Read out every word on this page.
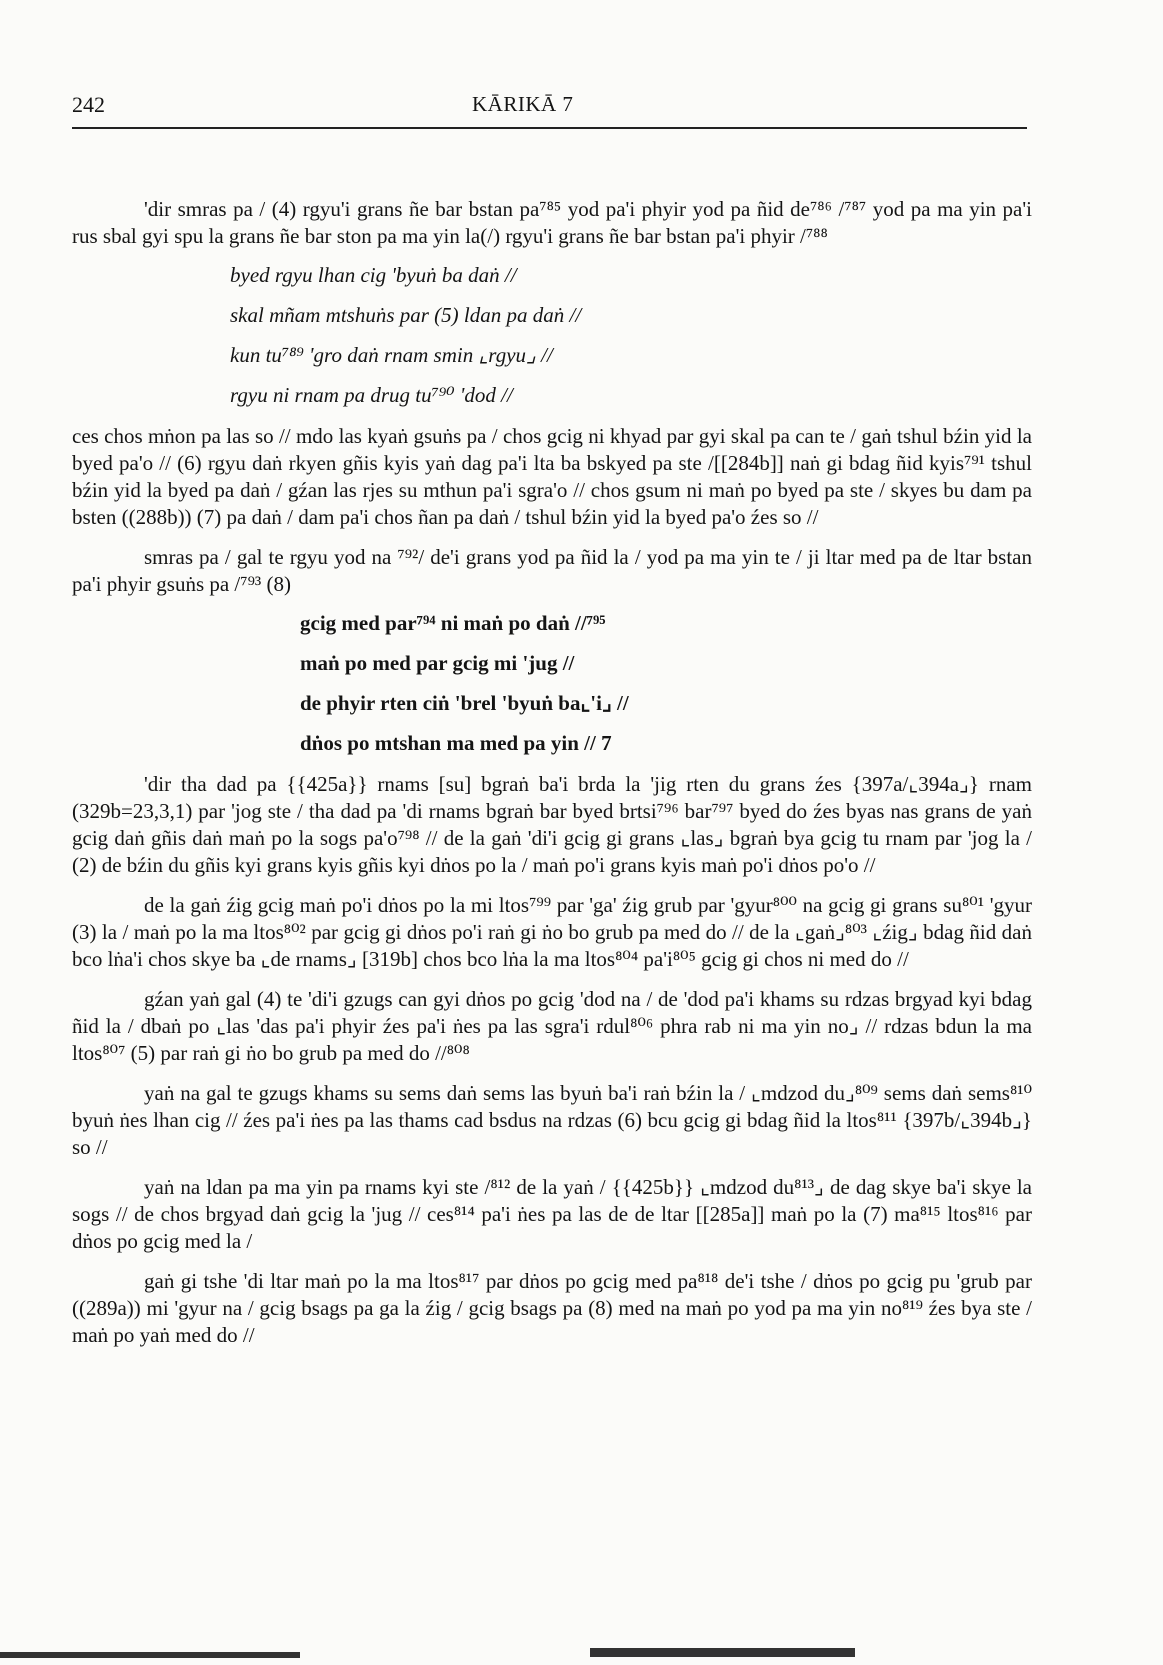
242	KĀRIKĀ 7

'dir smras pa / (4) rgyu'i grans ñe bar bstan pa⁷⁸⁵ yod pa'i phyir yod pa ñid de⁷⁸⁶ /⁷⁸⁷ yod pa ma yin pa'i rus sbal gyi spu la grans ñe bar ston pa ma yin la(/) rgyu'i grans ñe bar bstan pa'i phyir /⁷⁸⁸

byed rgyu lhan cig 'byuṅ ba daṅ //
skal mñam mtshuṅs par (5) ldan pa daṅ //
kun tu⁷⁸⁹ 'gro daṅ rnam smin ⌞rgyu⌟ //
rgyu ni rnam pa drug tu⁷⁹⁰ 'dod //

ces chos mṅon pa las so // mdo las kyaṅ gsuṅs pa / chos gcig ni khyad par gyi skal pa can te / gaṅ tshul bźin yid la byed pa'o // (6) rgyu daṅ rkyen gñis kyis yaṅ dag pa'i lta ba bskyed pa ste /[[284b]] naṅ gi bdag ñid kyis⁷⁹¹ tshul bźin yid la byed pa daṅ / gźan las rjes su mthun pa'i sgra'o // chos gsum ni maṅ po byed pa ste / skyes bu dam pa bsten ((288b)) (7) pa daṅ / dam pa'i chos ñan pa daṅ / tshul bźin yid la byed pa'o źes so //

smras pa / gal te rgyu yod na ⁷⁹²/ de'i grans yod pa ñid la / yod pa ma yin te / ji ltar med pa de ltar bstan pa'i phyir gsuṅs pa /⁷⁹³ (8)

gcig med par⁷⁹⁴ ni maṅ po daṅ //⁷⁹⁵
maṅ po med par gcig mi 'jug //
de phyir rten ciṅ 'brel 'byuṅ ba⌞'i⌟ //
dṅos po mtshan ma med pa yin // 7

'dir tha dad pa {{425a}} rnams [su] bgraṅ ba'i brda la 'jig rten du grans źes {397a/⌞394a⌟} rnam (329b=23,3,1) par 'jog ste / tha dad pa 'di rnams bgraṅ bar byed brtsi⁷⁹⁶ bar⁷⁹⁷ byed do źes byas nas grans de yaṅ gcig daṅ gñis daṅ maṅ po la sogs pa'o⁷⁹⁸ // de la gaṅ 'di'i gcig gi grans ⌞las⌟ bgraṅ bya gcig tu rnam par 'jog la / (2) de bźin du gñis kyi grans kyis gñis kyi dṅos po la / maṅ po'i grans kyis maṅ po'i dṅos po'o //

de la gaṅ źig gcig maṅ po'i dṅos po la mi ltos⁷⁹⁹ par 'ga' źig grub par 'gyur⁸⁰⁰ na gcig gi grans su⁸⁰¹ 'gyur (3) la / maṅ po la ma ltos⁸⁰² par gcig gi dṅos po'i raṅ gi ṅo bo grub pa med do // de la ⌞gaṅ⌟⁸⁰³ ⌞źig⌟ bdag ñid daṅ bco lṅa'i chos skye ba ⌞de rnams⌟ [319b] chos bco lṅa la ma ltos⁸⁰⁴ pa'i⁸⁰⁵ gcig gi chos ni med do //

gźan yaṅ gal (4) te 'di'i gzugs can gyi dṅos po gcig 'dod na / de 'dod pa'i khams su rdzas brgyad kyi bdag ñid la / dbaṅ po ⌞las 'das pa'i phyir źes pa'i ṅes pa las sgra'i rdul⁸⁰⁶ phra rab ni ma yin no⌟ // rdzas bdun la ma ltos⁸⁰⁷ (5) par raṅ gi ṅo bo grub pa med do //⁸⁰⁸

yaṅ na gal te gzugs khams su sems daṅ sems las byuṅ ba'i raṅ bźin la / ⌞mdzod du⌟⁸⁰⁹ sems daṅ sems⁸¹⁰ byuṅ ṅes lhan cig // źes pa'i ṅes pa las thams cad bsdus na rdzas (6) bcu gcig gi bdag ñid la ltos⁸¹¹ {397b/⌞394b⌟} so //

yaṅ na ldan pa ma yin pa rnams kyi ste /⁸¹² de la yaṅ / {{425b}} ⌞mdzod du⁸¹³⌟ de dag skye ba'i skye la sogs // de chos brgyad daṅ gcig la 'jug // ces⁸¹⁴ pa'i ṅes pa las de de ltar [[285a]] maṅ po la (7) ma⁸¹⁵ ltos⁸¹⁶ par dṅos po gcig med la /

gaṅ gi tshe 'di ltar maṅ po la ma ltos⁸¹⁷ par dṅos po gcig med pa⁸¹⁸ de'i tshe / dṅos po gcig pu 'grub par ((289a)) mi 'gyur na / gcig bsags pa ga la źig / gcig bsags pa (8) med na maṅ po yod pa ma yin no⁸¹⁹ źes bya ste / maṅ po yaṅ med do //
